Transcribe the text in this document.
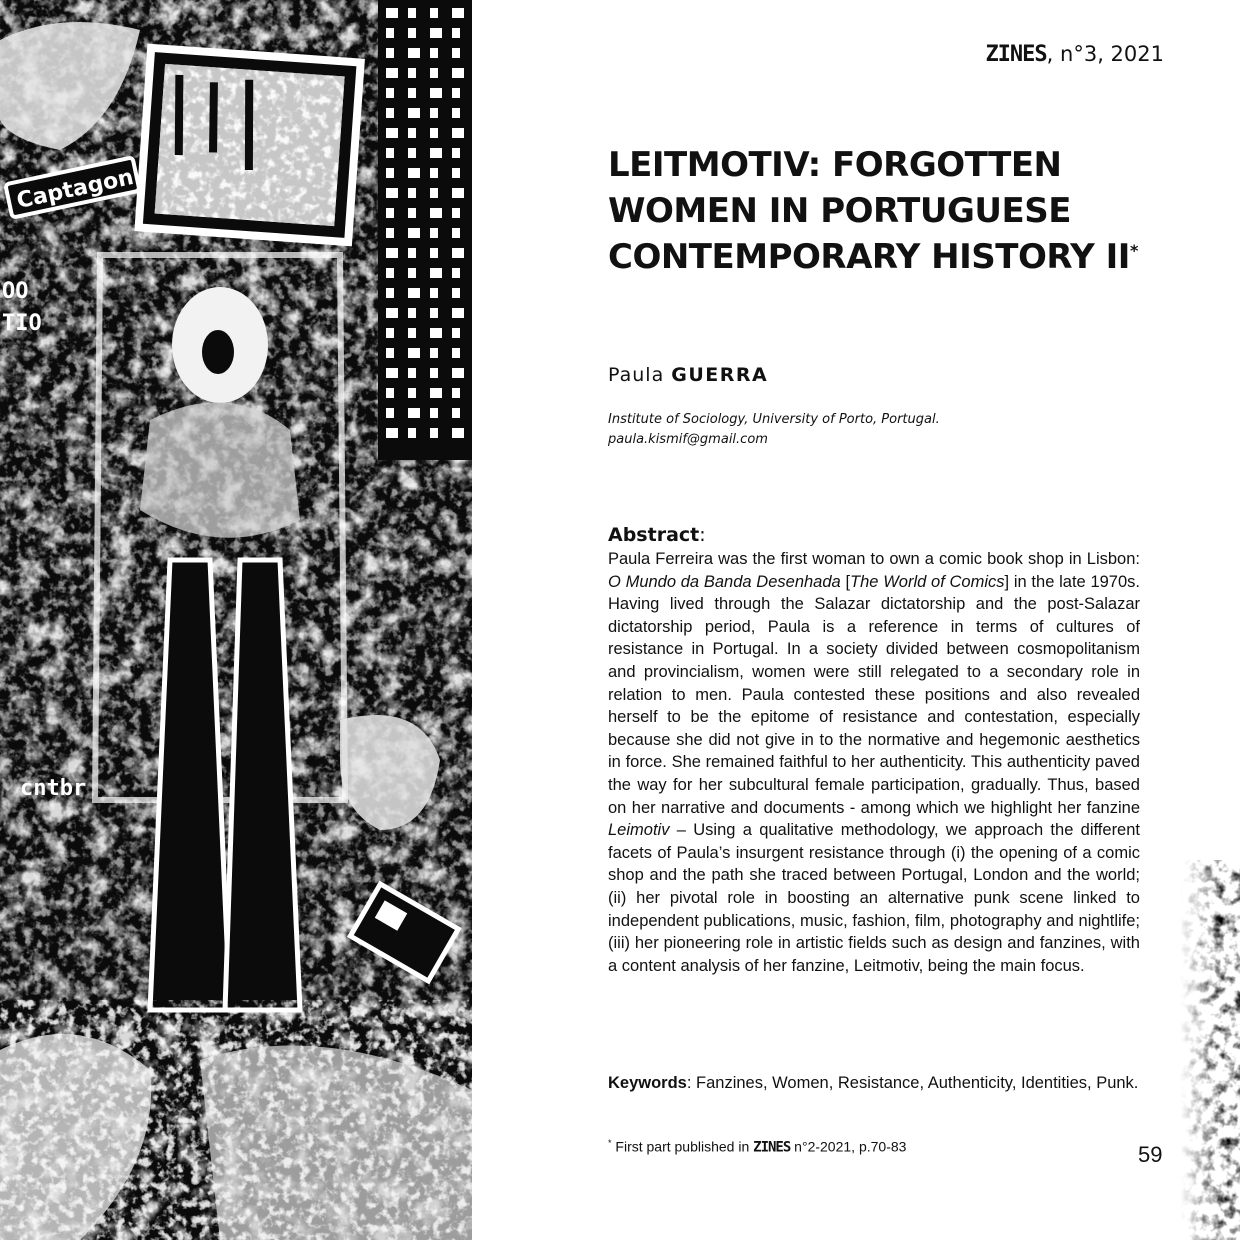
Captagon
OO
TIO
cntbr
ZINES, n°3, 2021
LEITMOTIV: FORGOTTEN
WOMEN IN PORTUGUESE
CONTEMPORARY HISTORY II*
Paula GUERRA
Institute of Sociology, University of Porto, Portugal.
paula.kismif@gmail.com
Abstract:

Paula Ferreira was the first woman to own a comic book shop in Lisbon: O Mundo da Banda Desenhada [The World of Comics] in the late 1970s. Having lived through the Salazar dictatorship and the post-Salazar dictatorship period, Paula is a reference in terms of cultures of resistance in Portugal. In a society divided between cosmopolitanism and provincialism, women were still relegated to a secondary role in relation to men. Paula contested these positions and also revealed herself to be the epitome of resistance and contestation, especially because she did not give in to the normative and hegemonic aesthetics in force. She remained faithful to her authenticity. This authenticity paved the way for her subcultural female participation, gradually. Thus, based on her narrative and documents - among which we highlight her fanzine Leimotiv – Using a qualitative methodology, we approach the different facets of Paula’s insurgent resistance through (i) the opening of a comic shop and the path she traced between Portugal, London and the world; (ii) her pivotal role in boosting an alternative punk scene linked to independent publications, music, fashion, film, photography and nightlife; (iii) her pioneering role in artistic fields such as design and fanzines, with a content analysis of her fanzine, Leitmotiv, being the main focus.

Keywords: Fanzines, Women, Resistance, Authenticity, Identities, Punk.

* First part published in ZINES n°2-2021, p.70-83	59
